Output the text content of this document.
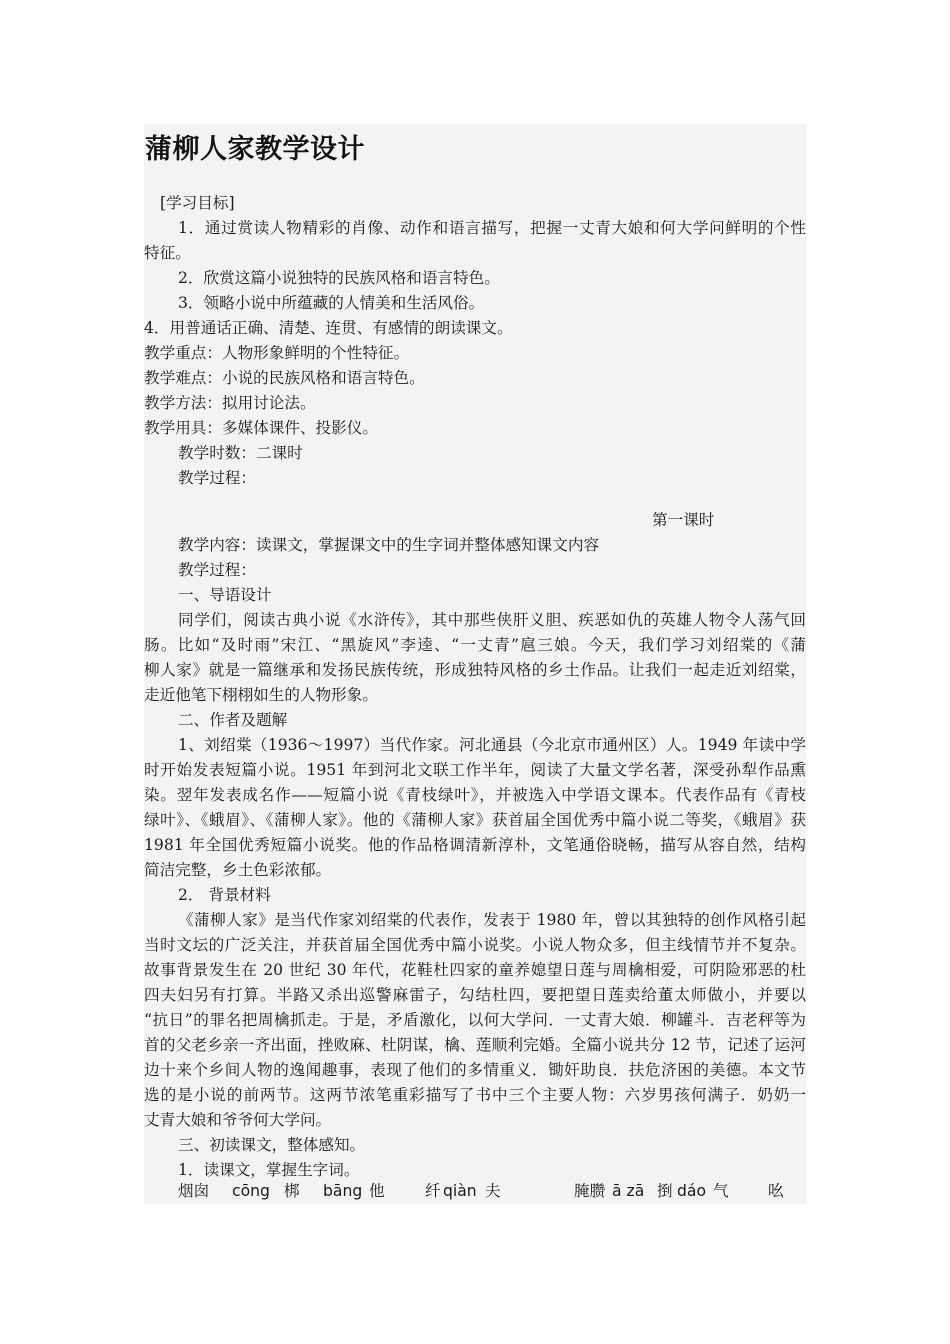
蒲柳人家教学设计

[学习目标]

1．通过赏读人物精彩的肖像、动作和语言描写，把握一丈青大娘和何大学问鲜明的个性

特征。

2．欣赏这篇小说独特的民族风格和语言特色。

3．领略小说中所蕴藏的人情美和生活风俗。

4．用普通话正确、清楚、连贯、有感情的朗读课文。

教学重点：人物形象鲜明的个性特征。

教学难点：小说的民族风格和语言特色。

教学方法：拟用讨论法。

教学用具：多媒体课件、投影仪。

教学时数：二课时

教学过程：

第一课时

教学内容：读课文，掌握课文中的生字词并整体感知课文内容

教学过程：

一、导语设计

同学们，阅读古典小说《水浒传》，其中那些侠肝义胆、疾恶如仇的英雄人物令人荡气回

肠。比如“及时雨”宋江、“黑旋风”李逵、“一丈青”扈三娘。今天，我们学习刘绍棠的《蒲

柳人家》就是一篇继承和发扬民族传统，形成独特风格的乡土作品。让我们一起走近刘绍棠，

走近他笔下栩栩如生的人物形象。

二、作者及题解

1、刘绍棠（1936～1997）当代作家。河北通县（今北京市通州区）人。1949 年读中学

时开始发表短篇小说。1951 年到河北文联工作半年，阅读了大量文学名著，深受孙犁作品熏

染。翌年发表成名作——短篇小说《青枝绿叶》，并被选入中学语文课本。代表作品有《青枝

绿叶》、《蛾眉》、《蒲柳人家》。他的《蒲柳人家》获首届全国优秀中篇小说二等奖，《蛾眉》获

1981 年全国优秀短篇小说奖。他的作品格调清新淳朴，文笔通俗晓畅，描写从容自然，结构

简洁完整，乡土色彩浓郁。

2． 背景材料

《蒲柳人家》是当代作家刘绍棠的代表作，发表于 1980 年，曾以其独特的创作风格引起

当时文坛的广泛关注，并获首届全国优秀中篇小说奖。小说人物众多，但主线情节并不复杂。

故事背景发生在 20 世纪 30 年代，花鞋杜四家的童养媳望日莲与周檎相爱，可阴险邪恶的杜

四夫妇另有打算。半路又杀出巡警麻雷子，勾结杜四，要把望日莲卖给董太师做小，并要以

“抗日”的罪名把周檎抓走。于是，矛盾激化，以何大学问．一丈青大娘．柳罐斗．吉老秤等为

首的父老乡亲一齐出面，挫败麻、杜阴谋，檎、莲顺利完婚。全篇小说共分 12 节，记述了运河

边十来个乡间人物的逸闻趣事，表现了他们的多情重义．锄奸助良．扶危济困的美德。本文节

选的是小说的前两节。这两节浓笔重彩描写了书中三个主要人物：六岁男孩何满子．奶奶一

丈青大娘和爷爷何大学问。

三、初读课文，整体感知。

1．读课文，掌握生字词。

烟囱 cōng 梆 bāng 他	纤 qiàn 夫	腌臜 ā zā 捯 dáo 气	吆
